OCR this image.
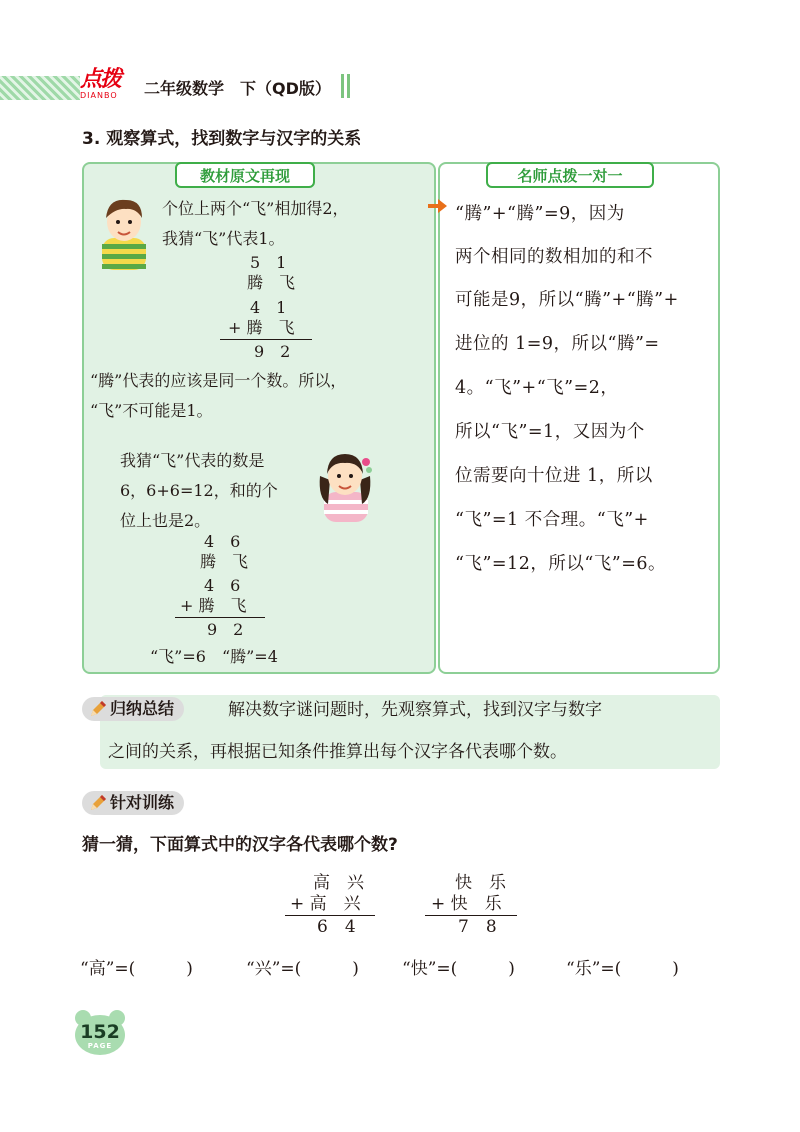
点拨
DIANBO	二年级数学　下（QD版）
3. 观察算式，找到数字与汉字的关系
教材原文再现	名师点拨一对一
个位上两个“飞”相加得2，
我猜“飞”代表1。
5　1
腾　飞
4　1
+ 腾　飞
9　2
“腾”代表的应该是同一个数。所以，
“飞”不可能是1。
我猜“飞”代表的数是
6，6+6=12，和的个
位上也是2。
4　6
腾　飞
4　6
+ 腾　飞
9　2
“飞”=6　“腾”=4
“腾”+“腾”=9，因为
两个相同的数相加的和不
可能是9，所以“腾”+“腾”+
进位的 1=9，所以“腾”=
4。“飞”+“飞”=2，
所以“飞”=1，又因为个
位需要向十位进 1，所以
“飞”=1 不合理。“飞”+
“飞”=12，所以“飞”=6。
归纳总结	解决数字谜问题时，先观察算式，找到汉字与数字
之间的关系，再根据已知条件推算出每个汉字各代表哪个数。
针对训练
猜一猜，下面算式中的汉字各代表哪个数?
高　兴
+ 高　兴
6　4
快　乐
+ 快　乐
7　8
“高”=(　　　)	“兴”=(　　　)	“快”=(　　　)	“乐”=(　　　)
152
PAGE
